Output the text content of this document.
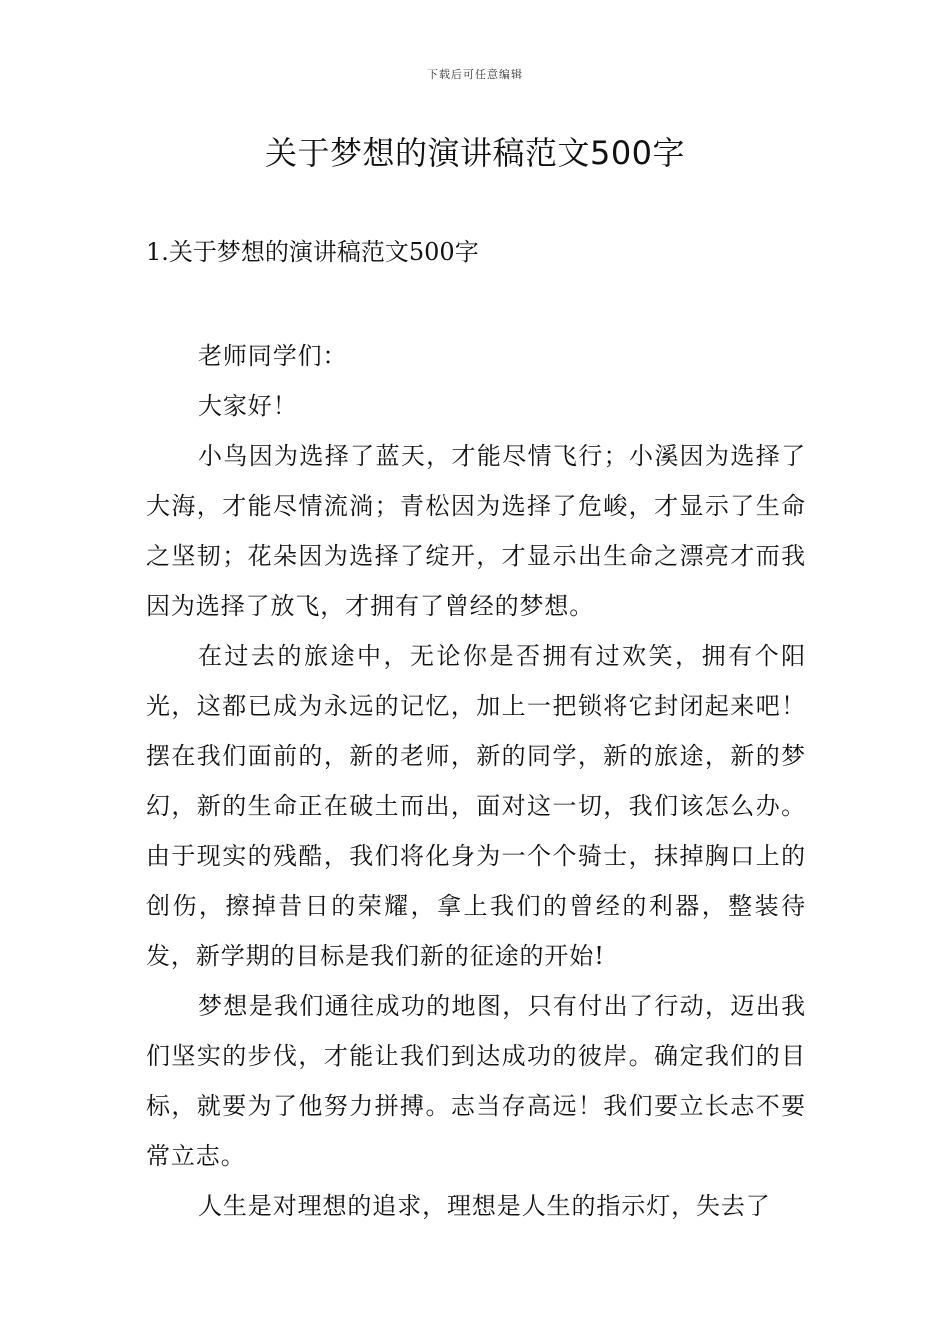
下载后可任意编辑
关于梦想的演讲稿范文500字
1.关于梦想的演讲稿范文500字

老师同学们：

大家好！

小鸟因为选择了蓝天，才能尽情飞行；小溪因为选择了大海，才能尽情流淌；青松因为选择了危峻，才显示了生命之坚韧；花朵因为选择了绽开，才显示出生命之漂亮才而我因为选择了放飞，才拥有了曾经的梦想。

在过去的旅途中，无论你是否拥有过欢笑，拥有个阳光，这都已成为永远的记忆，加上一把锁将它封闭起来吧！摆在我们面前的，新的老师，新的同学，新的旅途，新的梦幻，新的生命正在破土而出，面对这一切，我们该怎么办。由于现实的残酷，我们将化身为一个个骑士，抹掉胸口上的创伤，擦掉昔日的荣耀，拿上我们的曾经的利器，整装待发，新学期的目标是我们新的征途的开始!

梦想是我们通往成功的地图，只有付出了行动，迈出我们坚实的步伐，才能让我们到达成功的彼岸。确定我们的目标，就要为了他努力拼搏。志当存高远！我们要立长志不要常立志。

人生是对理想的追求，理想是人生的指示灯，失去了
